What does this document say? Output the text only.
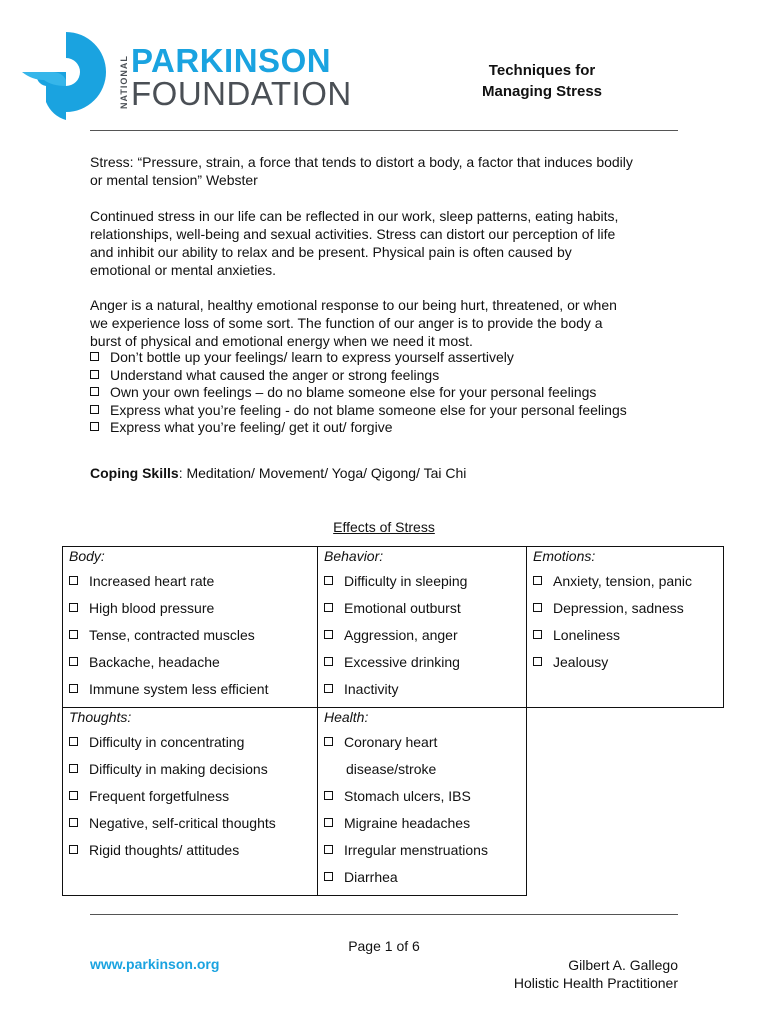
NATIONAL PARKINSON
FOUNDATION
Techniques for
Managing Stress
Stress: “Pressure, strain, a force that tends to distort a body, a factor that induces bodily
or mental tension” Webster
Continued stress in our life can be reflected in our work, sleep patterns, eating habits,
relationships, well-being and sexual activities. Stress can distort our perception of life
and inhibit our ability to relax and be present. Physical pain is often caused by
emotional or mental anxieties.
Anger is a natural, healthy emotional response to our being hurt, threatened, or when
we experience loss of some sort. The function of our anger is to provide the body a
burst of physical and emotional energy when we need it most.
Don’t bottle up your feelings/ learn to express yourself assertively
Understand what caused the anger or strong feelings
Own your own feelings – do no blame someone else for your personal feelings
Express what you’re feeling - do not blame someone else for your personal feelings
Express what you’re feeling/ get it out/ forgive
Coping Skills: Meditation/ Movement/ Yoga/ Qigong/ Tai Chi
Effects of Stress
Body:
Increased heart rate
High blood pressure
Tense, contracted muscles
Backache, headache
Immune system less efficient
Behavior:
Difficulty in sleeping
Emotional outburst
Aggression, anger
Excessive drinking
Inactivity
Emotions:
Anxiety, tension, panic
Depression, sadness
Loneliness
Jealousy
Thoughts:
Difficulty in concentrating
Difficulty in making decisions
Frequent forgetfulness
Negative, self-critical thoughts
Rigid thoughts/ attitudes
Health:
Coronary heart
disease/stroke
Stomach ulcers, IBS
Migraine headaches
Irregular menstruations
Diarrhea
Page 1 of 6
www.parkinson.org	Gilbert A. Gallego
Holistic Health Practitioner
